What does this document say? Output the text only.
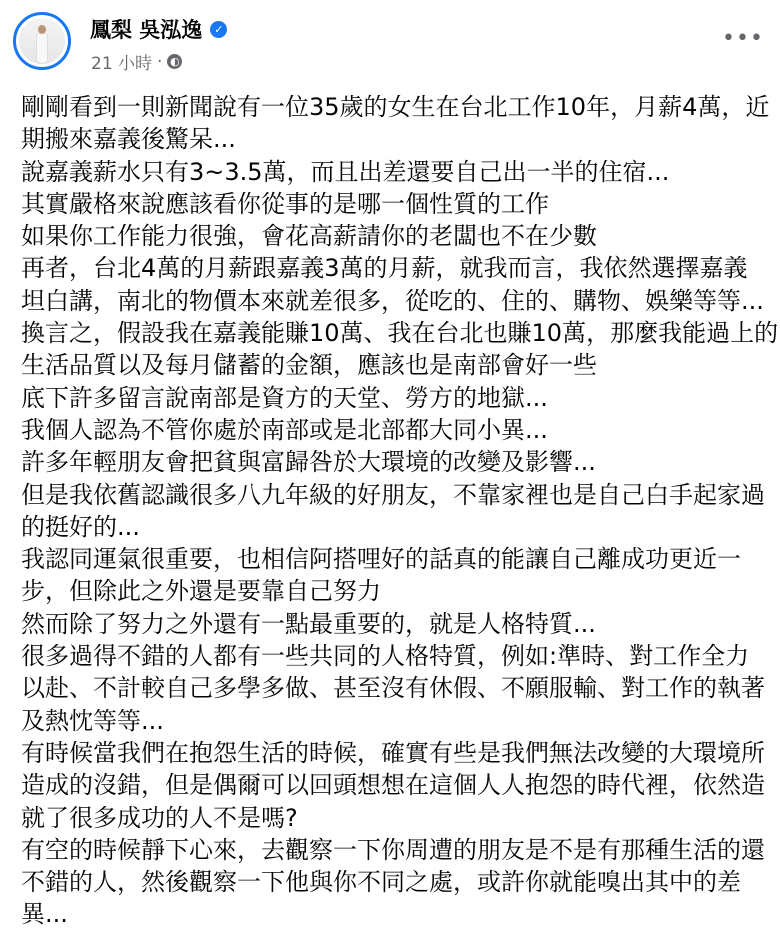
鳳梨 吳泓逸	✓
21 小時 · ◐
•••
剛剛看到一則新聞說有一位35歲的女生在台北工作10年，月薪4萬，近
期搬來嘉義後驚呆...
說嘉義薪水只有3~3.5萬，而且出差還要自己出一半的住宿...
其實嚴格來說應該看你從事的是哪一個性質的工作
如果你工作能力很強，會花高薪請你的老闆也不在少數
再者，台北4萬的月薪跟嘉義3萬的月薪，就我而言，我依然選擇嘉義
坦白講，南北的物價本來就差很多，從吃的、住的、購物、娛樂等等...
換言之，假設我在嘉義能賺10萬、我在台北也賺10萬，那麼我能過上的
生活品質以及每月儲蓄的金額，應該也是南部會好一些
底下許多留言說南部是資方的天堂、勞方的地獄...
我個人認為不管你處於南部或是北部都大同小異...
許多年輕朋友會把貧與富歸咎於大環境的改變及影響...
但是我依舊認識很多八九年級的好朋友，不靠家裡也是自己白手起家過
的挺好的...
我認同運氣很重要，也相信阿搭哩好的話真的能讓自己離成功更近一
步，但除此之外還是要靠自己努力
然而除了努力之外還有一點最重要的，就是人格特質...
很多過得不錯的人都有一些共同的人格特質，例如:準時、對工作全力
以赴、不計較自己多學多做、甚至沒有休假、不願服輸、對工作的執著
及熱忱等等...
有時候當我們在抱怨生活的時候，確實有些是我們無法改變的大環境所
造成的沒錯，但是偶爾可以回頭想想在這個人人抱怨的時代裡，依然造
就了很多成功的人不是嗎?
有空的時候靜下心來，去觀察一下你周遭的朋友是不是有那種生活的還
不錯的人，然後觀察一下他與你不同之處，或許你就能嗅出其中的差
異...
